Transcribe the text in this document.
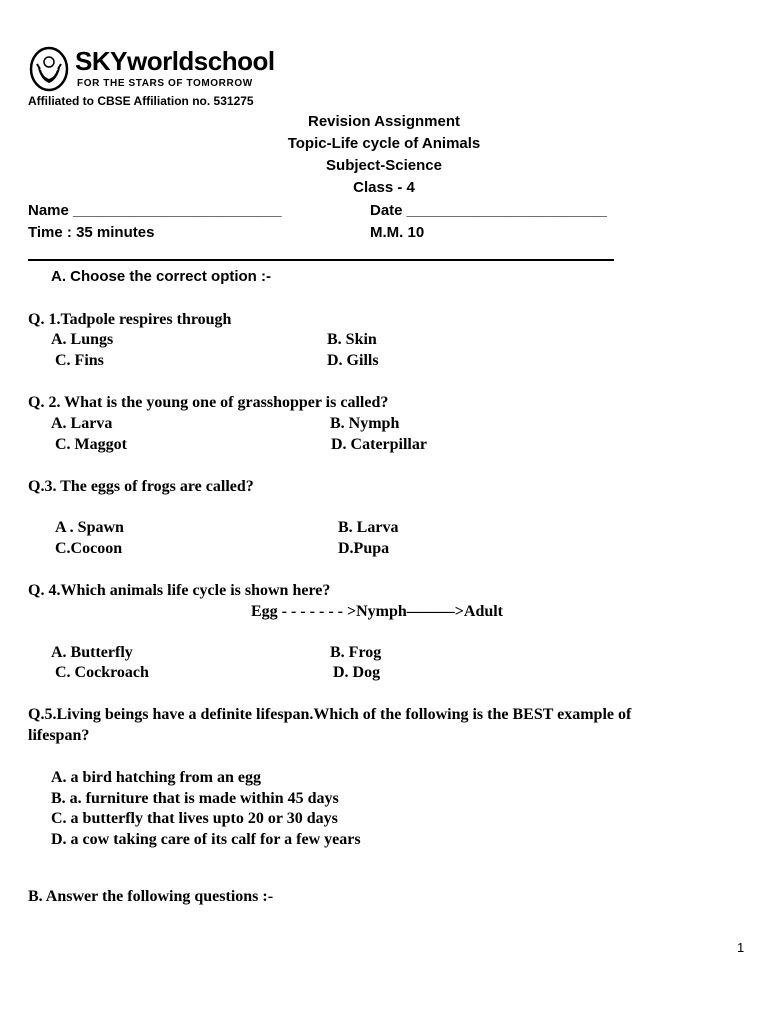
SKYworldschool
FOR THE STARS OF TOMORROW
Affiliated to CBSE Affiliation no. 531275
Revision Assignment
Topic-Life cycle of Animals
Subject-Science
Class - 4
Name _________________________	Date ________________________
Time : 35 minutes	M.M. 10
A. Choose the correct option :-
Q. 1.Tadpole respires through
A. Lungs	B. Skin
C. Fins	D. Gills
Q. 2. What is the young one of grasshopper is called?
A. Larva	B. Nymph
C. Maggot	D. Caterpillar
Q.3. The eggs of frogs are called?
A . Spawn	B. Larva
C.Cocoon	D.Pupa
Q. 4.Which animals life cycle is shown here?
Egg - - - - - - - >Nymph———>Adult
A. Butterfly	B. Frog
C. Cockroach	D. Dog
Q.5.Living beings have a definite lifespan.Which of the following is the BEST example of
lifespan?
A. a bird hatching from an egg
B. a. furniture that is made within 45 days
C. a butterfly that lives upto 20 or 30 days
D. a cow taking care of its calf for a few years
B. Answer the following questions :-
1
